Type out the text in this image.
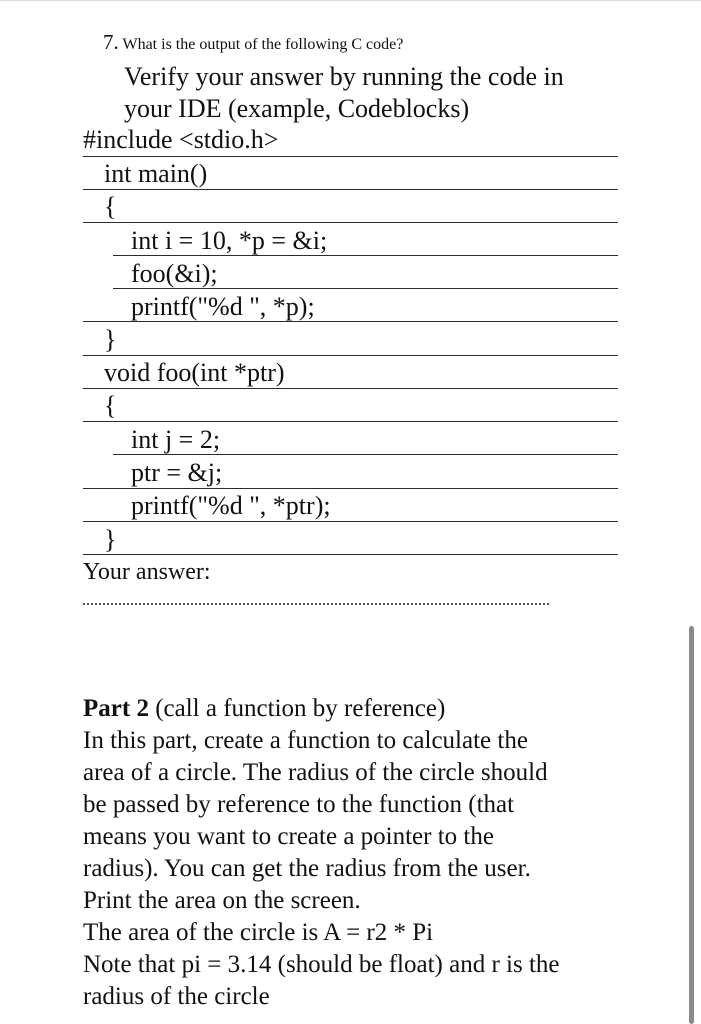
7. What is the output of the following C code?
Verify your answer by running the code in
your IDE (example, Codeblocks)
#include <stdio.h>
int main()
{
int i = 10, *p = &i;
foo(&i);
printf("%d ", *p);
}
void foo(int *ptr)
{
int j = 2;
ptr = &j;
printf("%d ", *ptr);
}
Your answer:
Part 2 (call a function by reference)
In this part, create a function to calculate the
area of a circle. The radius of the circle should
be passed by reference to the function (that
means you want to create a pointer to the
radius). You can get the radius from the user.
Print the area on the screen.
The area of the circle is A = r2 * Pi
Note that pi = 3.14 (should be float) and r is the
radius of the circle
